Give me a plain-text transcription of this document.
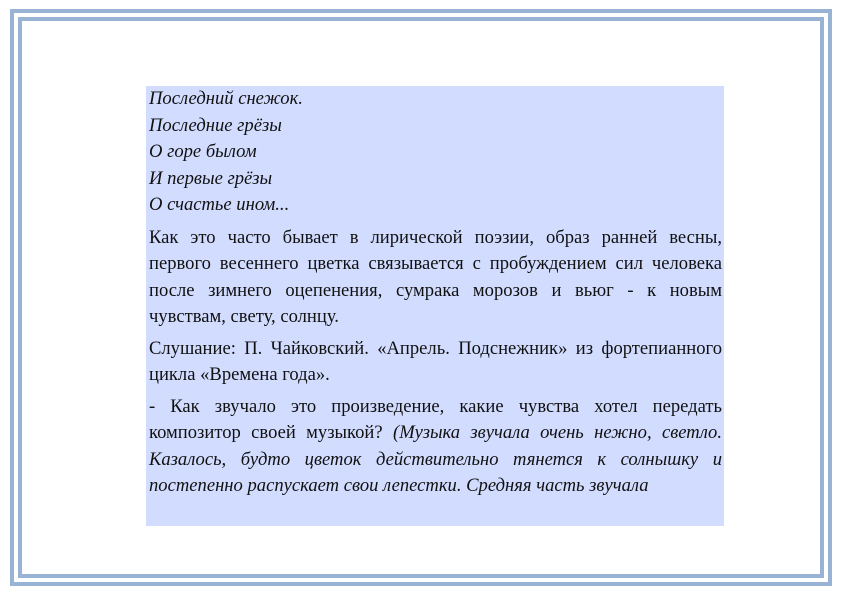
Последний снежок.
Последние грёзы
О горе былом
И первые грёзы
О счастье ином...

Как это часто бывает в лирической поэзии, образ ранней весны, первого весеннего цветка связывается с пробуждением сил человека после зимнего оцепенения, сумрака морозов и вьюг - к новым чувствам, свету, солнцу.

Слушание: П. Чайковский. «Апрель. Подснежник» из фортепианного цикла «Времена года».

- Как звучало это произведение, какие чувства хотел передать композитор своей музыкой? (Музыка звучала очень нежно, светло. Казалось, будто цветок действительно тянется к солнышку и постепенно распускает свои лепестки. Средняя часть звучала
